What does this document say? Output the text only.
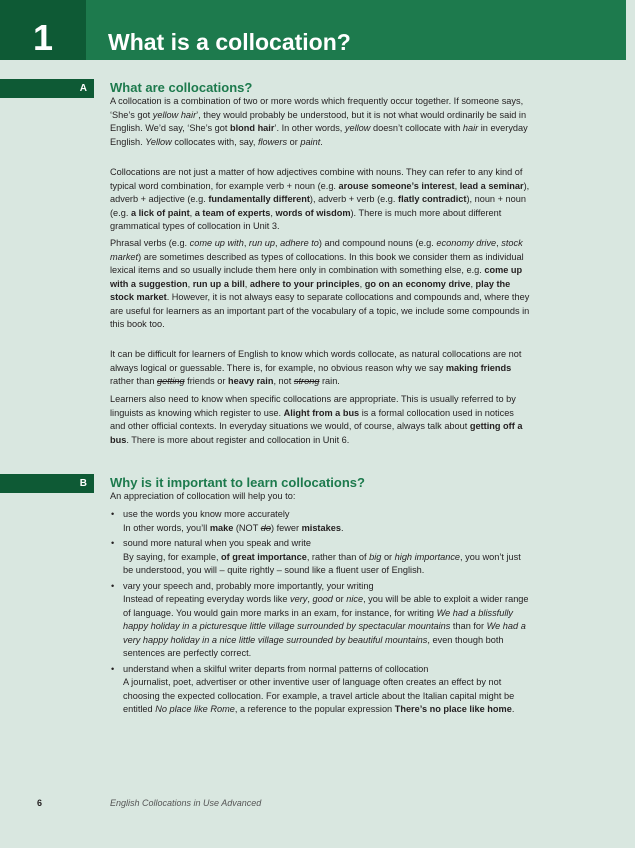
1	What is a collocation?
A What are collocations?

A collocation is a combination of two or more words which frequently occur together. If someone says, ‘She’s got yellow hair’, they would probably be understood, but it is not what would ordinarily be said in English. We’d say, ‘She’s got blond hair’. In other words, yellow doesn’t collocate with hair in everyday English. Yellow collocates with, say, flowers or paint.

Collocations are not just a matter of how adjectives combine with nouns. They can refer to any kind of typical word combination, for example verb + noun (e.g. arouse someone’s interest, lead a seminar), adverb + adjective (e.g. fundamentally different), adverb + verb (e.g. flatly contradict), noun + noun (e.g. a lick of paint, a team of experts, words of wisdom). There is much more about different grammatical types of collocation in Unit 3.

Phrasal verbs (e.g. come up with, run up, adhere to) and compound nouns (e.g. economy drive, stock market) are sometimes described as types of collocations. In this book we consider them as individual lexical items and so usually include them here only in combination with something else, e.g. come up with a suggestion, run up a bill, adhere to your principles, go on an economy drive, play the stock market. However, it is not always easy to separate collocations and compounds and, where they are useful for learners as an important part of the vocabulary of a topic, we include some compounds in this book too.

It can be difficult for learners of English to know which words collocate, as natural collocations are not always logical or guessable. There is, for example, no obvious reason why we say making friends rather than getting friends or heavy rain, not strong rain.

Learners also need to know when specific collocations are appropriate. This is usually referred to by linguists as knowing which register to use. Alight from a bus is a formal collocation used in notices and other official contexts. In everyday situations we would, of course, always talk about getting off a bus. There is more about register and collocation in Unit 6.

B Why is it important to learn collocations?
An appreciation of collocation will help you to:
• use the words you know more accurately
In other words, you’ll make (NOT do) fewer mistakes.
• sound more natural when you speak and write
By saying, for example, of great importance, rather than of big or high importance, you won’t just be understood, you will – quite rightly – sound like a fluent user of English.
• vary your speech and, probably more importantly, your writing
Instead of repeating everyday words like very, good or nice, you will be able to exploit a wider range of language. You would gain more marks in an exam, for instance, for writing We had a blissfully happy holiday in a picturesque little village surrounded by spectacular mountains than for We had a very happy holiday in a nice little village surrounded by beautiful mountains, even though both sentences are perfectly correct.
• understand when a skilful writer departs from normal patterns of collocation
A journalist, poet, advertiser or other inventive user of language often creates an effect by not choosing the expected collocation. For example, a travel article about the Italian capital might be entitled No place like Rome, a reference to the popular expression There’s no place like home.
6	English Collocations in Use Advanced
